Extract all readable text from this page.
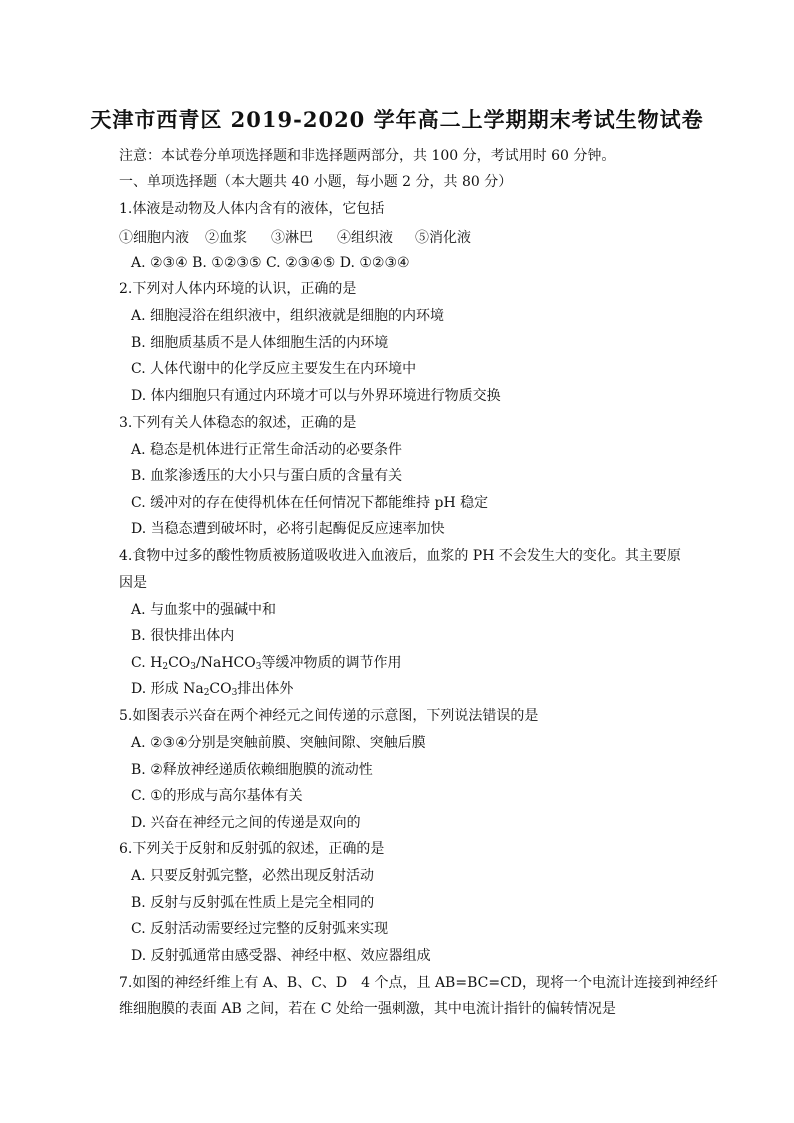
天津市西青区 2019-2020 学年高二上学期期末考试生物试卷
注意：本试卷分单项选择题和非选择题两部分，共 100 分，考试用时 60 分钟。
一、单项选择题（本大题共 40 小题，每小题 2 分，共 80 分）
1.体液是动物及人体内含有的液体，它包括
①细胞内液 ②血浆 ③淋巴 ④组织液 ⑤消化液
A. ②③④ B. ①②③⑤ C. ②③④⑤ D. ①②③④
2.下列对人体内环境的认识，正确的是
A. 细胞浸浴在组织液中，组织液就是细胞的内环境
B. 细胞质基质不是人体细胞生活的内环境
C. 人体代谢中的化学反应主要发生在内环境中
D. 体内细胞只有通过内环境才可以与外界环境进行物质交换
3.下列有关人体稳态的叙述，正确的是
A. 稳态是机体进行正常生命活动的必要条件
B. 血浆渗透压的大小只与蛋白质的含量有关
C. 缓冲对的存在使得机体在任何情况下都能维持 pH 稳定
D. 当稳态遭到破坏时，必将引起酶促反应速率加快
4.食物中过多的酸性物质被肠道吸收进入血液后，血浆的 PH 不会发生大的变化。其主要原
因是
A. 与血浆中的强碱中和
B. 很快排出体内
C. $H_2CO_3/NaHCO_3$等缓冲物质的调节作用
D. 形成 $Na_2CO_3$排出体外
5.如图表示兴奋在两个神经元之间传递的示意图，下列说法错误的是
A. ②③④分别是突触前膜、突触间隙、突触后膜
B. ②释放神经递质依赖细胞膜的流动性
C. ①的形成与高尔基体有关
D. 兴奋在神经元之间的传递是双向的
6.下列关于反射和反射弧的叙述，正确的是
A. 只要反射弧完整，必然出现反射活动
B. 反射与反射弧在性质上是完全相同的
C. 反射活动需要经过完整的反射弧来实现
D. 反射弧通常由感受器、神经中枢、效应器组成
7.如图的神经纤维上有 A、B、C、D　4 个点，且 AB=BC=CD，现将一个电流计连接到神经纤
维细胞膜的表面 AB 之间，若在 C 处给一强刺激，其中电流计指针的偏转情况是
